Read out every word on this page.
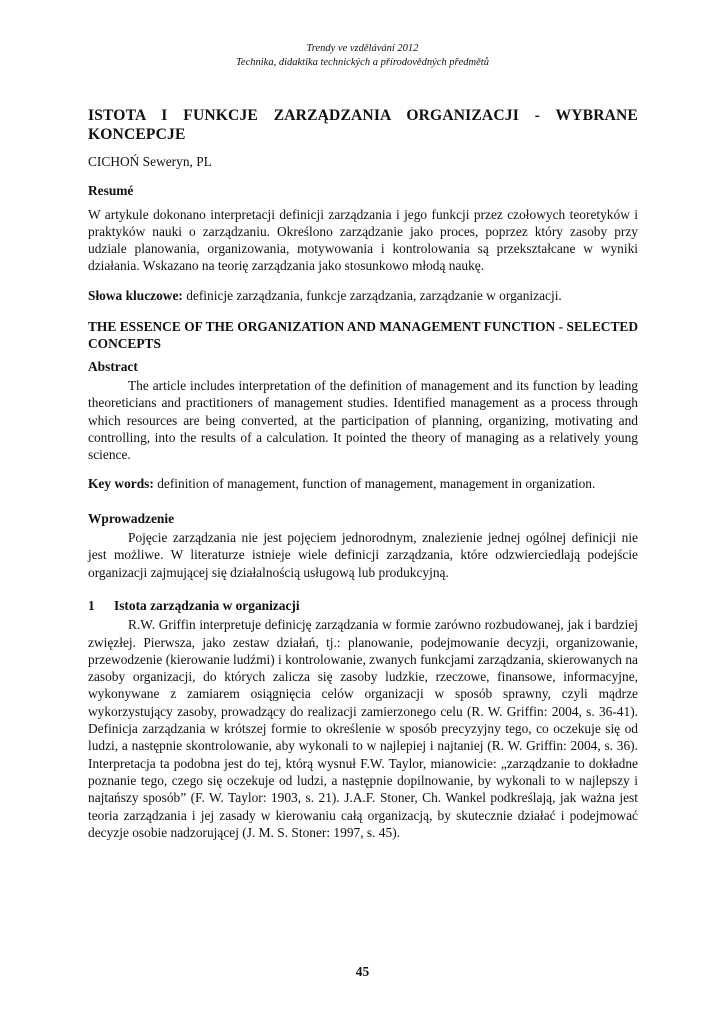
Trendy ve vzdělávání 2012
Technika, didaktika technických a přírodovědných předmětů
ISTOTA I FUNKCJE ZARZĄDZANIA ORGANIZACJI - WYBRANE KONCEPCJE
CICHOŃ Seweryn, PL
Resumé

W artykule dokonano interpretacji definicji zarządzania i jego funkcji przez czołowych teoretyków i praktyków nauki o zarządzaniu. Określono zarządzanie jako proces, poprzez który zasoby przy udziale planowania, organizowania, motywowania i kontrolowania są przekształcane w wyniki działania. Wskazano na teorię zarządzania jako stosunkowo młodą naukę.

Słowa kluczowe: definicje zarządzania, funkcje zarządzania, zarządzanie w organizacji.

THE ESSENCE OF THE ORGANIZATION AND MANAGEMENT FUNCTION - SELECTED CONCEPTS
Abstract

The article includes interpretation of the definition of management and its function by leading theoreticians and practitioners of management studies. Identified management as a process through which resources are being converted, at the participation of planning, organizing, motivating and controlling, into the results of a calculation. It pointed the theory of managing as a relatively young science.

Key words: definition of management, function of management, management in organization.

Wprowadzenie

Pojęcie zarządzania nie jest pojęciem jednorodnym, znalezienie jednej ogólnej definicji nie jest możliwe. W literaturze istnieje wiele definicji zarządzania, które odzwierciedlają podejście organizacji zajmującej się działalnością usługową lub produkcyjną.

1	Istota zarządzania w organizacji

R.W. Griffin interpretuje definicję zarządzania w formie zarówno rozbudowanej, jak i bardziej zwięzłej. Pierwsza, jako zestaw działań, tj.: planowanie, podejmowanie decyzji, organizowanie, przewodzenie (kierowanie ludźmi) i kontrolowanie, zwanych funkcjami zarządzania, skierowanych na zasoby organizacji, do których zalicza się zasoby ludzkie, rzeczowe, finansowe, informacyjne, wykonywane z zamiarem osiągnięcia celów organizacji w sposób sprawny, czyli mądrze wykorzystujący zasoby, prowadzący do realizacji zamierzonego celu (R. W. Griffin: 2004, s. 36-41). Definicja zarządzania w krótszej formie to określenie w sposób precyzyjny tego, co oczekuje się od ludzi, a następnie skontrolowanie, aby wykonali to w najlepiej i najtaniej (R. W. Griffin: 2004, s. 36). Interpretacja ta podobna jest do tej, którą wysnuł F.W. Taylor, mianowicie: „zarządzanie to dokładne poznanie tego, czego się oczekuje od ludzi, a następnie dopilnowanie, by wykonali to w najlepszy i najtańszy sposób” (F. W. Taylor: 1903, s. 21). J.A.F. Stoner, Ch. Wankel podkreślają, jak ważna jest teoria zarządzania i jej zasady w kierowaniu całą organizacją, by skutecznie działać i podejmować decyzje osobie nadzorującej (J. M. S. Stoner: 1997, s. 45).

45
